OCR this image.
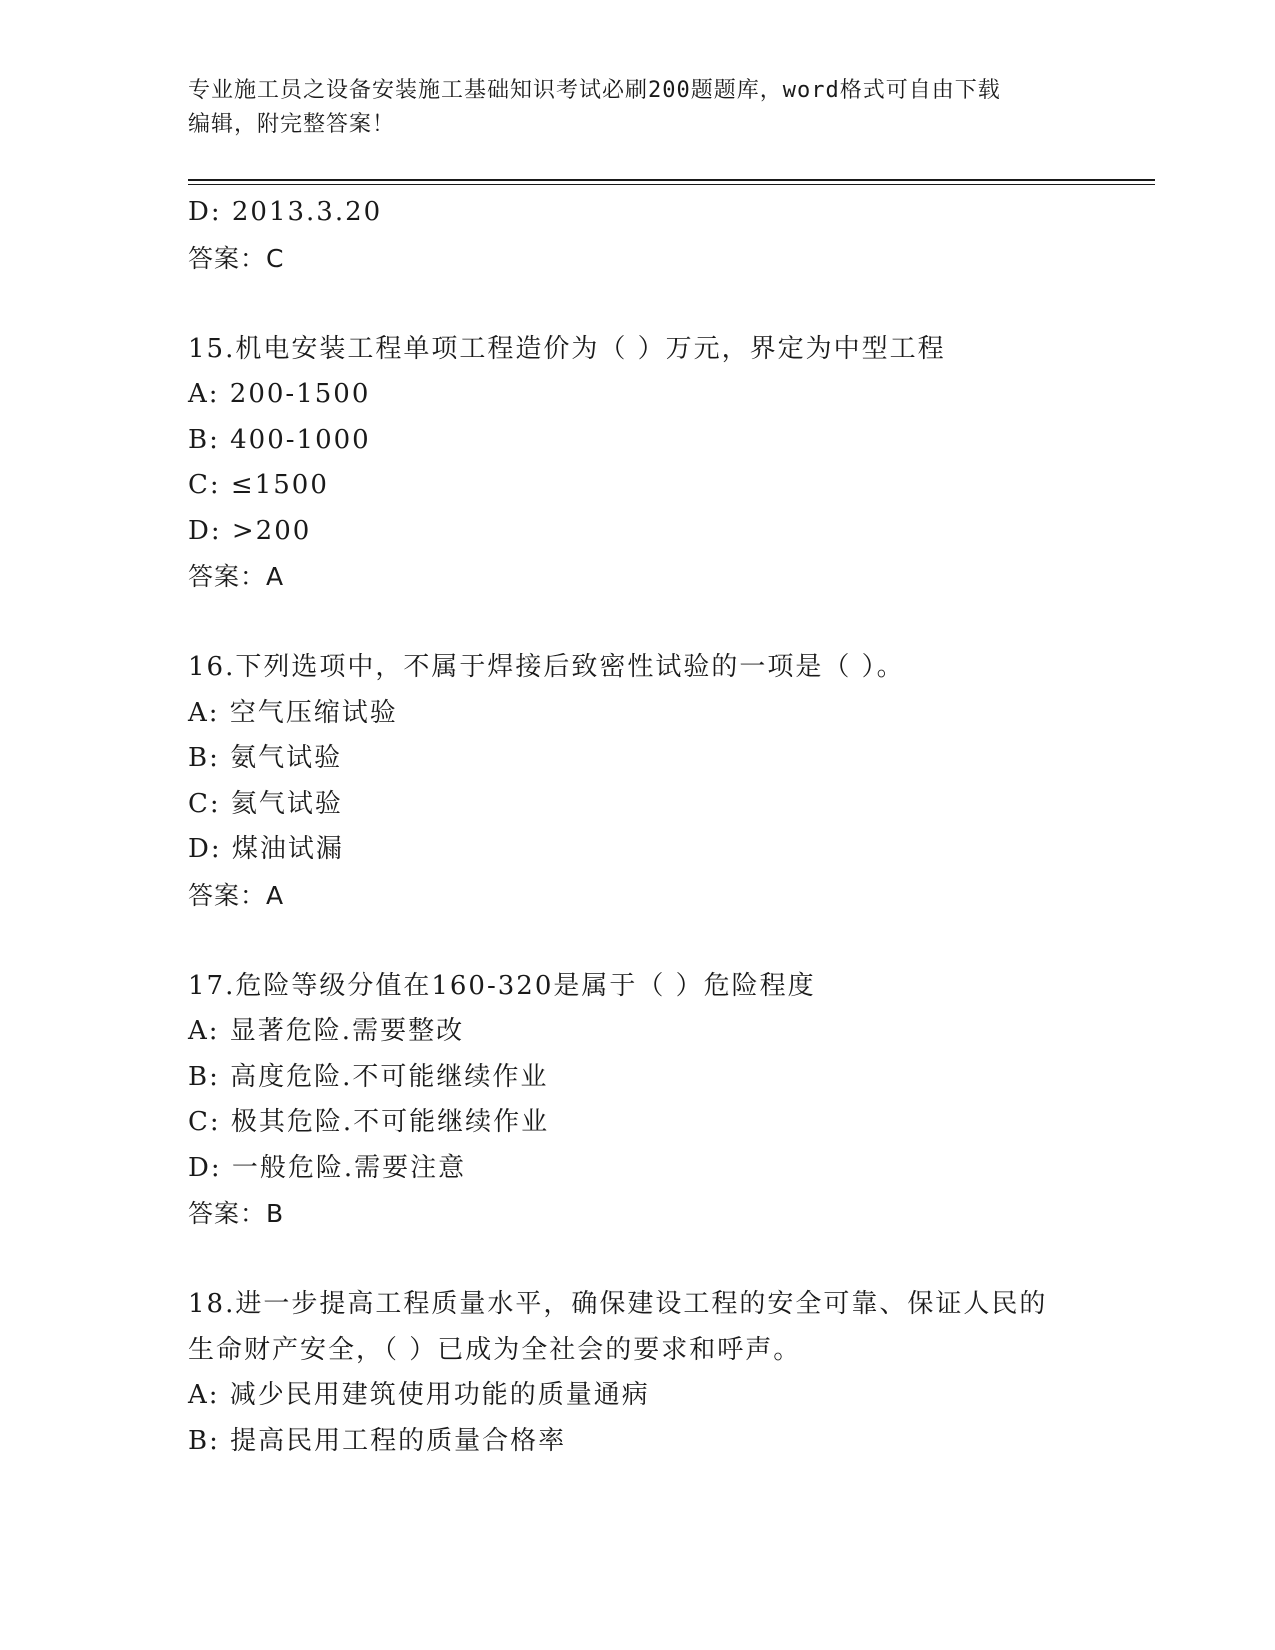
专业施工员之设备安装施工基础知识考试必刷200题题库，word格式可自由下载
编辑，附完整答案！
D: 2013.3.20
答案：C
15.机电安装工程单项工程造价为（ ）万元，界定为中型工程
A: 200-1500
B: 400-1000
C: ≤1500
D: >200
答案：A
16.下列选项中，不属于焊接后致密性试验的一项是（ ）。
A: 空气压缩试验
B: 氨气试验
C: 氦气试验
D: 煤油试漏
答案：A
17.危险等级分值在160-320是属于（ ）危险程度
A: 显著危险.需要整改
B: 高度危险.不可能继续作业
C: 极其危险.不可能继续作业
D: 一般危险.需要注意
答案：B
18.进一步提高工程质量水平，确保建设工程的安全可靠、保证人民的
生命财产安全，（ ）已成为全社会的要求和呼声。
A: 减少民用建筑使用功能的质量通病
B: 提高民用工程的质量合格率
